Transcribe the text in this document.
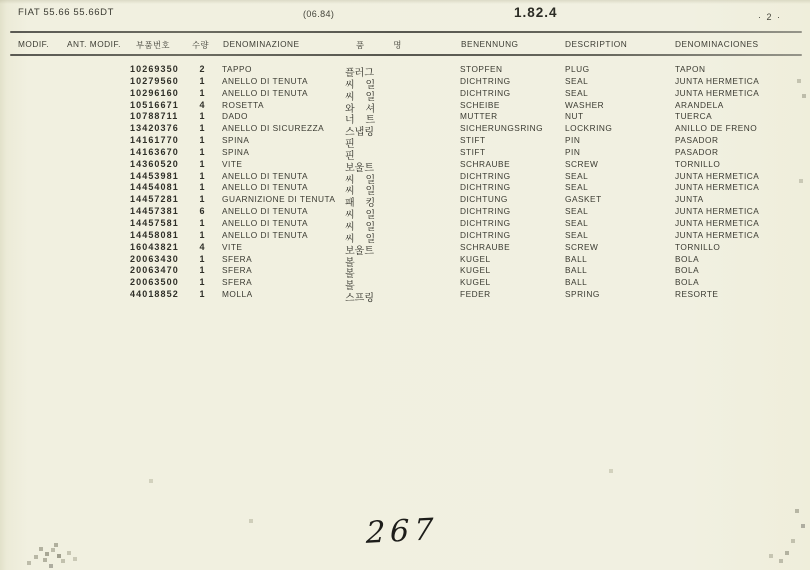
FIAT 55.66 55.66DT	(06.84)	1.82.4	· 2 ·
MODIF. ANT. MODIF. 부품번호	수량 DENOMINAZIONE	품 명	BENENNUNG	DESCRIPTION	DENOMINACIONES
10269350	2	TAPPO	플러그	STOPFEN	PLUG	TAPON
10279560	1	ANELLO DI TENUTA	씨 일	DICHTRING	SEAL	JUNTA HERMETICA
10296160	1	ANELLO DI TENUTA	씨 일	DICHTRING	SEAL	JUNTA HERMETICA
10516671	4	ROSETTA	와 셔	SCHEIBE	WASHER	ARANDELA
10788711	1	DADO	너 트	MUTTER	NUT	TUERCA
13420376	1	ANELLO DI SICUREZZA 스냅링	SICHERUNGSRING	LOCKRING	ANILLO DE FRENO
14161770	1	SPINA	핀	STIFT	PIN	PASADOR
14163670	1	SPINA	핀	STIFT	PIN	PASADOR
14360520	1	VITE	보울트	SCHRAUBE	SCREW	TORNILLO
14453981	1	ANELLO DI TENUTA	씨 일	DICHTRING	SEAL	JUNTA HERMETICA
14454081	1	ANELLO DI TENUTA	씨 일	DICHTRING	SEAL	JUNTA HERMETICA
14457281	1	GUARNIZIONE DI TENUTA 패 킹	DICHTUNG	GASKET	JUNTA
14457381	6	ANELLO DI TENUTA	씨 일	DICHTRING	SEAL	JUNTA HERMETICA
14457581	1	ANELLO DI TENUTA	씨 일	DICHTRING	SEAL	JUNTA HERMETICA
14458081	1	ANELLO DI TENUTA	씨 일	DICHTRING	SEAL	JUNTA HERMETICA
16043821	4	VITE	보울트	SCHRAUBE	SCREW	TORNILLO
20063430	1	SFERA	볼	KUGEL	BALL	BOLA
20063470	1	SFERA	볼	KUGEL	BALL	BOLA
20063500	1	SFERA	볼	KUGEL	BALL	BOLA
44018852	1	MOLLA	스프링	FEDER	SPRING	RESORTE
267
